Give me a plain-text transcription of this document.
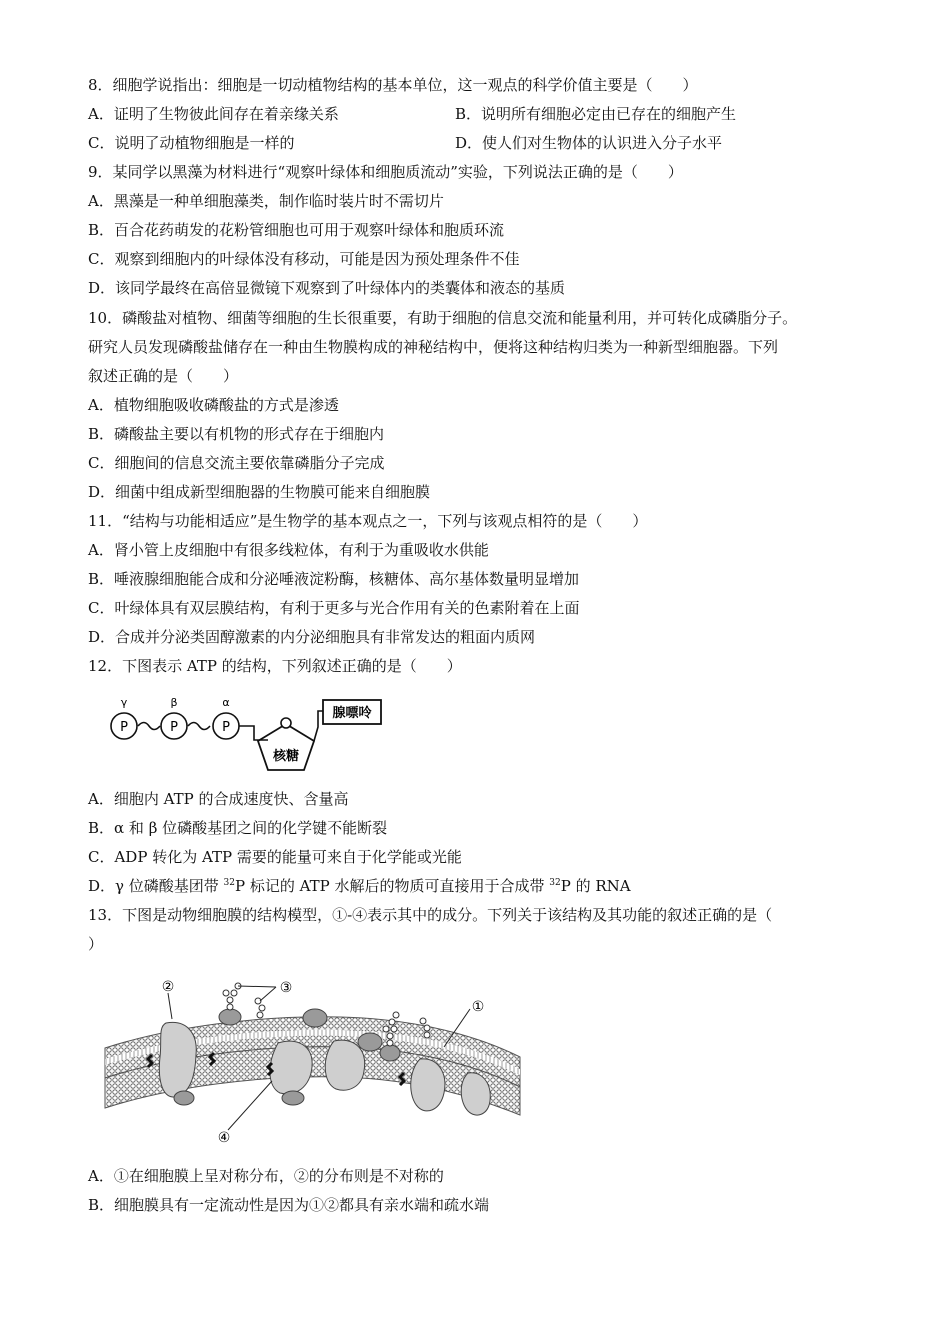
8．细胞学说指出：细胞是一切动植物结构的基本单位，这一观点的科学价值主要是（　　）
A．证明了生物彼此间存在着亲缘关系	B．说明所有细胞必定由已存在的细胞产生
C．说明了动植物细胞是一样的	D．使人们对生物体的认识进入分子水平
9．某同学以黑藻为材料进行“观察叶绿体和细胞质流动”实验，下列说法正确的是（　　）
A．黑藻是一种单细胞藻类，制作临时装片时不需切片
B．百合花药萌发的花粉管细胞也可用于观察叶绿体和胞质环流
C．观察到细胞内的叶绿体没有移动，可能是因为预处理条件不佳
D．该同学最终在高倍显微镜下观察到了叶绿体内的类囊体和液态的基质
10．磷酸盐对植物、细菌等细胞的生长很重要，有助于细胞的信息交流和能量利用，并可转化成磷脂分子。
研究人员发现磷酸盐储存在一种由生物膜构成的神秘结构中，便将这种结构归类为一种新型细胞器。下列
叙述正确的是（　　）
A．植物细胞吸收磷酸盐的方式是渗透
B．磷酸盐主要以有机物的形式存在于细胞内
C．细胞间的信息交流主要依靠磷脂分子完成
D．细菌中组成新型细胞器的生物膜可能来自细胞膜
11．“结构与功能相适应”是生物学的基本观点之一，下列与该观点相符的是（　　）
A．肾小管上皮细胞中有很多线粒体，有利于为重吸收水供能
B．唾液腺细胞能合成和分泌唾液淀粉酶，核糖体、高尔基体数量明显增加
C．叶绿体具有双层膜结构，有利于更多与光合作用有关的色素附着在上面
D．合成并分泌类固醇激素的内分泌细胞具有非常发达的粗面内质网
12．下图表示 ATP 的结构，下列叙述正确的是（　　）
P	P	P
γ	β	α
腺嘌呤
核糖
A．细胞内 ATP 的合成速度快、含量高
B．α 和 β 位磷酸基团之间的化学键不能断裂
C．ADP 转化为 ATP 需要的能量可来自于化学能或光能
D．γ 位磷酸基团带 $^{32}$P 标记的 ATP 水解后的物质可直接用于合成带 $^{32}$P 的 RNA
13．下图是动物细胞膜的结构模型，①-④表示其中的成分。下列关于该结构及其功能的叙述正确的是（
）
②	③
①
④
A．①在细胞膜上呈对称分布，②的分布则是不对称的
B．细胞膜具有一定流动性是因为①②都具有亲水端和疏水端
